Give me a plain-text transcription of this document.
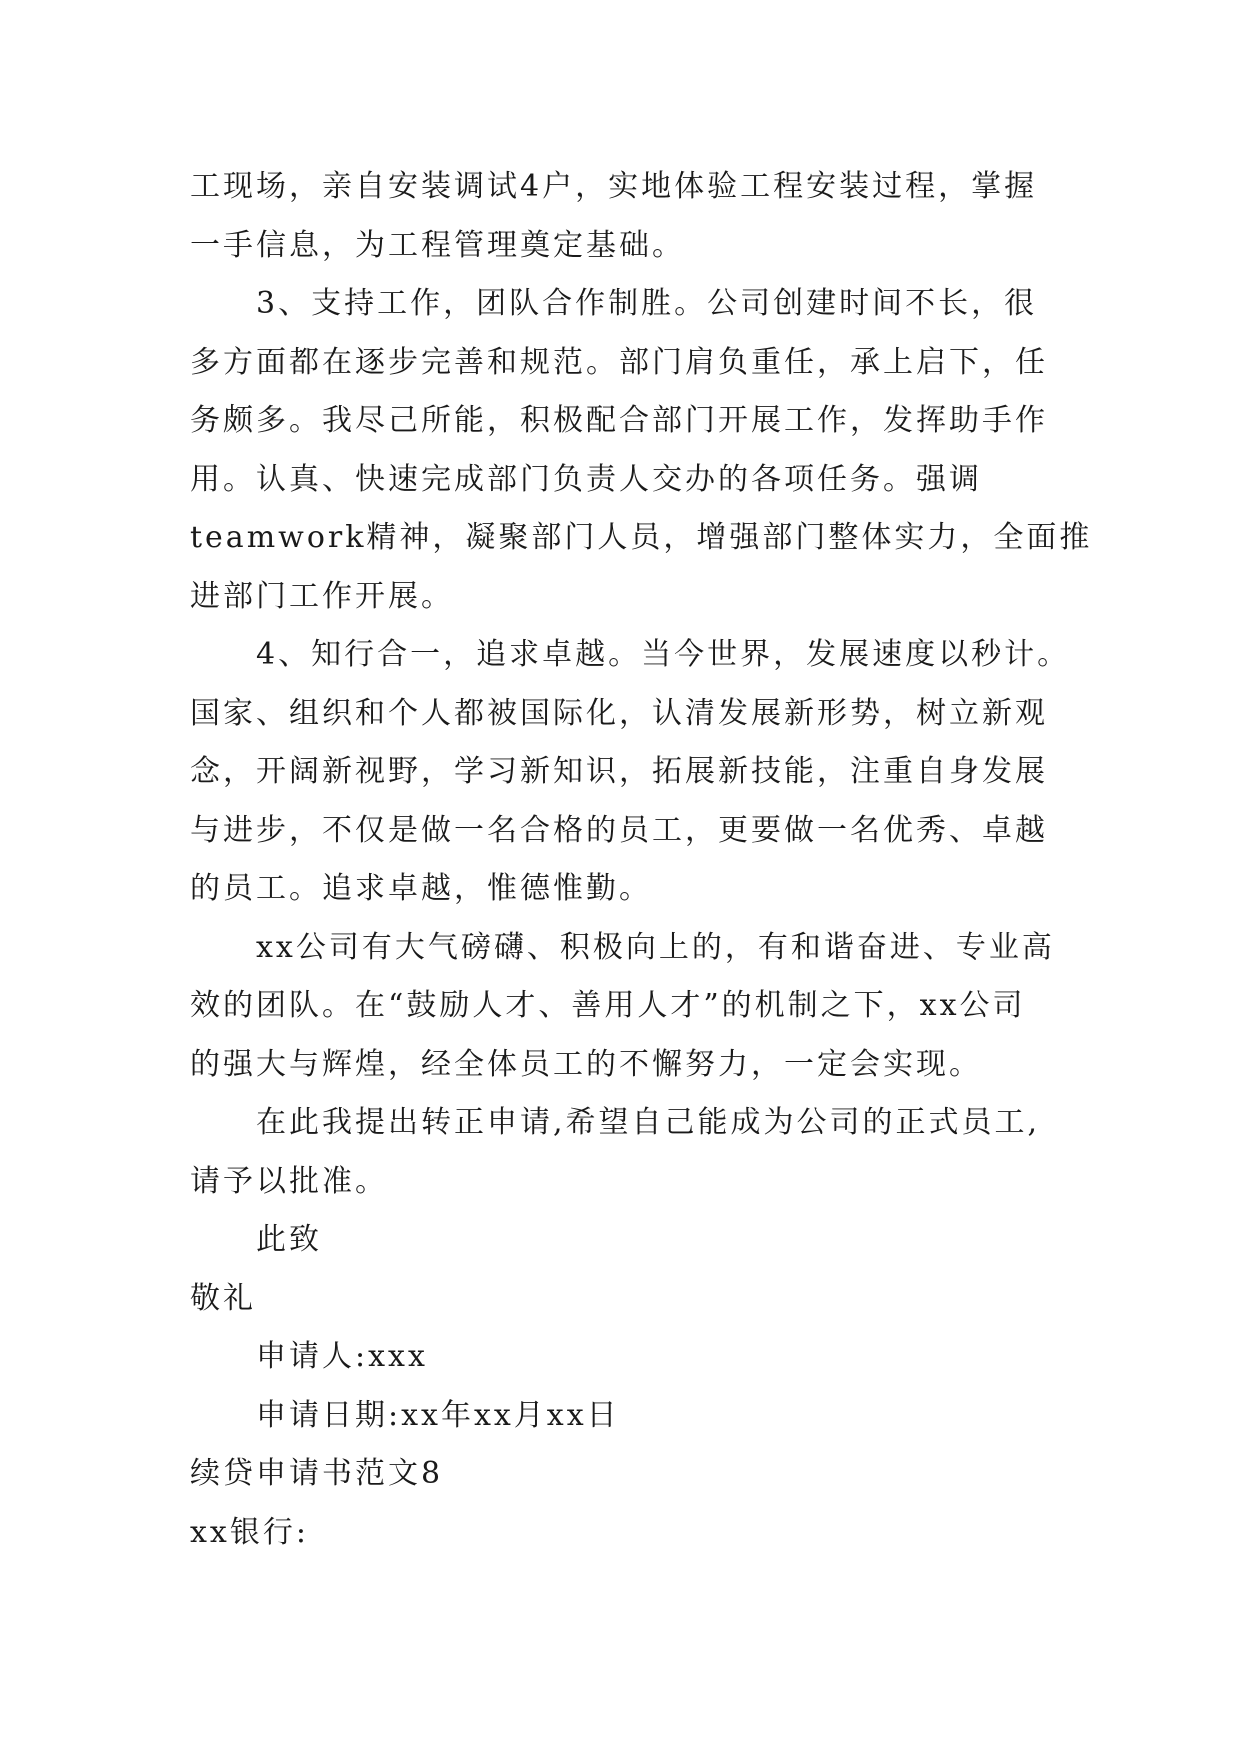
工现场，亲自安装调试4户，实地体验工程安装过程，掌握

一手信息，为工程管理奠定基础。

3、支持工作，团队合作制胜。公司创建时间不长，很

多方面都在逐步完善和规范。部门肩负重任，承上启下，任

务颇多。我尽己所能，积极配合部门开展工作，发挥助手作

用。认真、快速完成部门负责人交办的各项任务。强调

teamwork精神，凝聚部门人员，增强部门整体实力，全面推

进部门工作开展。

4、知行合一，追求卓越。当今世界，发展速度以秒计。

国家、组织和个人都被国际化，认清发展新形势，树立新观

念，开阔新视野，学习新知识，拓展新技能，注重自身发展

与进步，不仅是做一名合格的员工，更要做一名优秀、卓越

的员工。追求卓越，惟德惟勤。

xx公司有大气磅礴、积极向上的，有和谐奋进、专业高

效的团队。在“鼓励人才、善用人才”的机制之下，xx公司

的强大与辉煌，经全体员工的不懈努力，一定会实现。

在此我提出转正申请,希望自己能成为公司的正式员工,

请予以批准。

此致

敬礼

申请人:xxx

申请日期:xx年xx月xx日

续贷申请书范文8

xx银行:
